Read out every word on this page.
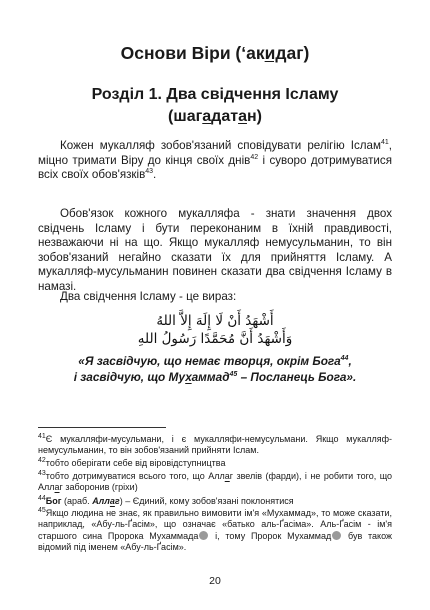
Основи Віри (‘акидаг)
Розділ 1. Два свідчення Ісламу
(шагадатан)

Кожен мукалляф зобов'язаний сповідувати релігію Іслам$^{41}$, міцно тримати Віру до кінця своїх днів$^{42}$ і суворо дотримуватися всіх своїх обов'язків$^{43}$.

Обов'язок кожного мукалляфа - знати значення двох свідчень Ісламу і бути переконаним в їхній правдивості, незважаючи ні на що. Якщо мукалляф немусульманин, то він зобов'язаний негайно сказати їх для прийняття Ісламу. А мукалляф-мусульманин повинен сказати два свідчення Ісламу в намазі.

Два свідчення Ісламу - це вираз:

أَشْهَدُ أَنْ لَا إِلَهَ إِلاَّ اللهُ
وَأَشْهَدُ أَنَّ مُحَمَّدًا رَسُولُ اللهِ
«Я засвідчую, що немає творця, окрім Бога$^{44}$,
і засвідчую, що Мухаммад$^{45}$ – Посланець Бога».

$^{41}$Є мукалляфи-мусульмани, і є мукалляфи-немусульмани. Якщо мукалляф-немусульманин, то він зобов'язаний прийняти Іслам.

$^{42}$тобто оберігати себе від віровідступництва

$^{43}$тобто дотримуватися всього того, що Аллаг звелів (фарди), і не робити того, що Аллаг заборонив (гріхи)

$^{44}$Бог (араб. Аллаг) – Єдиний, кому зобов'язані поклонятися

$^{45}$Якщо людина не знає, як правильно вимовити ім'я «Мухаммад», то може сказати, наприклад, «Абу-ль-Ґасім», що означає «батько аль-Ґасіма». Аль-Ґасім - ім'я старшого сина Пророка Мухаммада і, тому Пророк Мухаммад був також відомий під іменем «Абу-ль-Ґасім».

20
